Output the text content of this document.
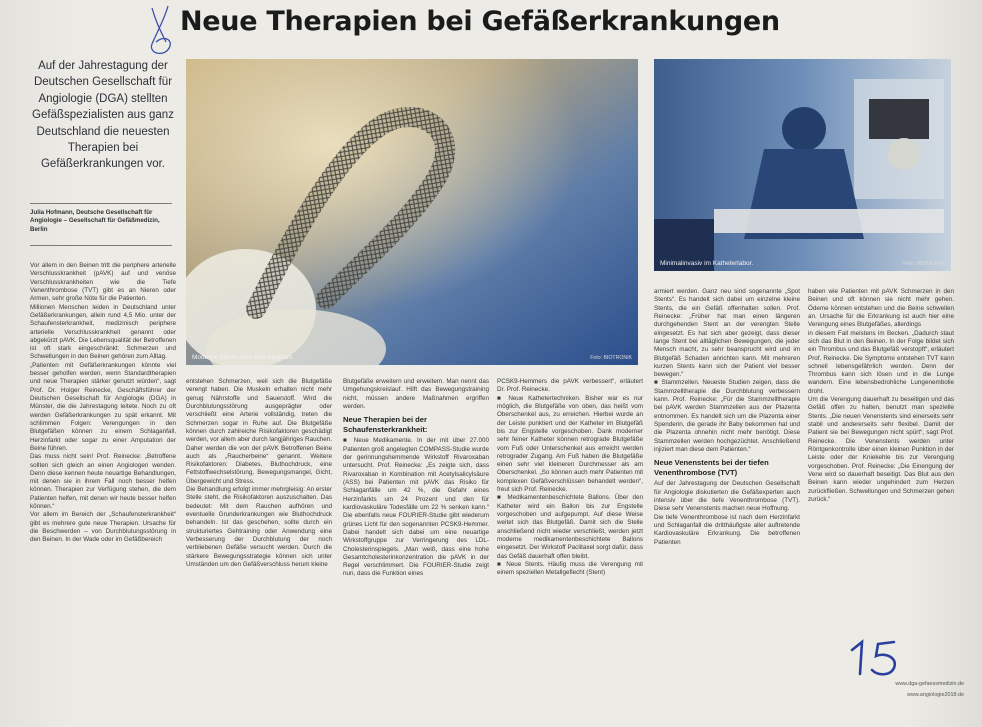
Neue Therapien bei Gefäßerkrankungen

Auf der Jahrestagung der Deutschen Gesellschaft für Angiologie (DGA) stellten Gefäßspezialisten aus ganz Deutschland die neuesten Therapien bei Gefäßerkrankungen vor.

Julia Hofmann, Deutsche Gesellschaft für Angiologie – Gesellschaft für Gefäßmedizin, Berlin
Moderne Stents sind sehr biegsam.	Foto: BIOTRONIK
Minimalinvasiv im Katheterlabor.	Foto: BIOTRONIK

Vor allem in den Beinen tritt die periphere arterielle Verschlusskrankheit (pAVK) auf und venöse Verschlusskrankheiten wie die Tiefe Venenthrombose (TVT) gibt es an Nieren oder Armen, sehr große Nöte für die Patienten.

Millionen Menschen leiden in Deutschland unter Gefäßerkrankungen, allein rund 4,5 Mio. unter der Schaufensterkrankheit, medizinisch periphere arterielle Verschlusskrankheit genannt oder abgekürzt pAVK. Die Lebensqualität der Betroffenen ist oft stark eingeschränkt: Schmerzen und Schwellungen in den Beinen gehören zum Alltag.

„Patienten mit Gefäßerkrankungen könnte viel besser geholfen werden, wenn Standardtherapien und neue Therapien stärker genutzt würden“, sagt Prof. Dr. Holger Reinecke, Geschäftsführer der Deutschen Gesellschaft für Angiologie (DGA) in Münster, die die Jahrestagung leitete. Noch zu oft werden Gefäßerkrankungen zu spät erkannt. Mit schlimmen Folgen: Verengungen in den Blutgefäßen können zu einem Schlaganfall, Herzinfarkt oder sogar zu einer Amputation der Beine führen.

Das muss nicht sein! Prof. Reinecke: „Betroffene sollten sich gleich an einen Angiologen wenden. Denn diese kennen heute neuartige Behandlungen, mit denen sie in ihrem Fall noch besser helfen können. Therapien zur Verfügung stehen, die dem Patienten helfen, mit denen wir heute besser helfen können.“

Vor allem im Bereich der „Schaufensterkrankheit“ gibt es mehrere gute neue Therapien. Ursache für die Beschwerden – von Durchblutungsstörung in den Beinen. In der Wade oder im Gefäßbereich

entstehen Schmerzen, weil sich die Blutgefäße verengt haben. Die Muskeln erhalten nicht mehr genug Nährstoffe und Sauerstoff. Wird die Durchblutungsstörung ausgeprägter oder verschließt eine Arterie vollständig, treten die Schmerzen sogar in Ruhe auf. Die Blutgefäße können durch zahlreiche Risikofaktoren geschädigt werden, vor allem aber durch langjähriges Rauchen. Daher werden die von der pAVK Betroffenen Beine auch als „Raucherbeine“ genannt. Weitere Risikofaktoren: Diabetes, Bluthochdruck, eine Fettstoffwechselstörung, Bewegungsmangel, Gicht, Übergewicht und Stress.

Die Behandlung erfolgt immer mehrgleisig: An erster Stelle steht, die Risikofaktoren auszuschalten. Das bedeutet: Mit dem Rauchen aufhören und eventuelle Grunderkrankungen wie Bluthochdruck behandeln. Ist das geschehen, sollte durch ein strukturiertes Gehtraining oder Anwendung eine Verbesserung der Durchblutung der noch verbliebenen Gefäße versucht werden. Durch die stärkere Bewegungsstrategie können sich unter Umständen um den Gefäßverschluss herum kleine

Blutgefäße erweitern und erweitern. Man nennt das Umgehungskreislauf. Hilft das Bewegungstraining nicht, müssen andere Maßnahmen ergriffen werden.

Neue Therapien bei der Schaufensterkrankheit:

■ Neue Medikamente. In der mit über 27.000 Patienten groß angelegten COMPASS-Studie wurde der gerinnungshemmende Wirkstoff Rivaroxaban untersucht. Prof. Reinecke: „Es zeigte sich, dass Rivaroxaban in Kombination mit Acetylsalicylsäure (ASS) bei Patienten mit pAVK das Risiko für Schlaganfälle um 42 %, die Gefahr eines Herzinfarkts um 24 Prozent und den für kardiovaskuläre Todesfälle um 22 % senken kann.“ Die ebenfalls neue FOURIER-Studie gibt wiederum grünes Licht für den sogenannten PCSK9-Hemmer. Dabei handelt sich dabei um eine neuartige Wirkstoffgruppe zur Verringerung des LDL-Cholesterinspiegels. „Man weiß, dass eine hohe Gesamtcholesterinkonzentration die pAVK in der Regel verschlimmert. Die FOURIER-Studie zeigt nun, dass die Funktion eines

PCSK9-Hemmers die pAVK verbessert“, erläutert Dr. Prof. Reinecke.

■ Neue Kathetertechniken. Bisher war es nur möglich, die Blutgefäße von oben, das heißt vom Oberschenkel aus, zu erreichen. Hierbei wurde an der Leiste punktiert und der Katheter im Blutgefäß bis zur Engstelle vorgeschoben. Dank moderner sehr feiner Katheter können retrograde Blutgefäße vom Fuß oder Unterschenkel aus erreicht werden retrograder Zugang. Am Fuß haben die Blutgefäße einen sehr viel kleineren Durchmesser als am Oberschenkel. „So können auch mehr Patienten mit komplexen Gefäßverschlüssen behandelt werden“, freut sich Prof. Reinecke.

■ Medikamentenbeschichtete Ballons. Über den Katheter wird ein Ballon bis zur Engstelle vorgeschoben und aufgepumpt. Auf diese Weise weitet sich das Blutgefäß. Damit sich die Stelle anschließend nicht wieder verschließt, werden jetzt moderne medikamentenbeschichtete Ballons eingesetzt. Der Wirkstoff Paclitaxel sorgt dafür, dass das Gefäß dauerhaft offen bleibt.

■ Neue Stents. Häufig muss die Verengung mit einem speziellen Metallgeflecht (Stent)

armiert werden. Ganz neu sind sogenannte „Spot Stents“. Es handelt sich dabei um einzelne kleine Stents, die ein Gefäß offenhalten sollen. Prof. Reinecke: „Früher hat man einen längeren durchgehenden Stent an der verengten Stelle eingesetzt. Es hat sich aber gezeigt, dass dieser lange Stent bei alltäglichen Bewegungen, die jeder Mensch macht, zu sehr beansprucht wird und im Blutgefäß Schaden anrichten kann. Mit mehreren kurzen Stents kann sich der Patient viel besser bewegen.“

■ Stammzellen. Neueste Studien zeigen, dass die Stammzelltherapie die Durchblutung verbessern kann. Prof. Reinecke: „Für die Stammzelltherapie bei pAVK werden Stammzellen aus der Plazenta entnommen. Es handelt sich um die Plazenta einer Spenderin, die gerade ihr Baby bekommen hat und die Plazenta ohnehin nicht mehr benötigt. Diese Stammzellen werden hochgezüchtet. Anschließend injiziert man diese dem Patienten.“

Neue Venenstents bei der tiefen Venenthrombose (TVT)

Auf der Jahrestagung der Deutschen Gesellschaft für Angiologie diskutierten die Gefäßexperten auch intensiv über die tiefe Venenthrombose (TVT). Diese sehr Venenstents machen neue Hoffnung.

Die tiefe Venenthrombose ist nach dem Herzinfarkt und Schlaganfall die dritthäufigste aller auftretende Kardiovaskuläre Erkrankung. Die betroffenen Patienten

haben wie Patienten mit pAVK Schmerzen in den Beinen und oft können sie nicht mehr gehen. Ödeme können entstehen und die Beine schwellen an. Ursache für die Erkrankung ist auch hier eine Verengung eines Blutgefäßes, allerdings

in diesem Fall meistens im Becken. „Dadurch staut sich das Blut in den Beinen. In der Folge bildet sich ein Thrombus und das Blutgefäß verstopft“, erläutert Prof. Reinecke. Die Symptome entstehen TVT kann schnell lebensgefährlich werden. Denn der Thrombus kann sich lösen und in die Lunge wandern. Eine lebensbedrohliche Lungenembolie droht.

Um die Verengung dauerhaft zu beseitigen und das Gefäß offen zu halten, benutzt man spezielle Stents. „Die neuen Venenstents sind einerseits sehr stabil und andererseits sehr flexibel. Damit der Patient sie bei Bewegungen nicht spürt“, sagt Prof. Reinecke. Die Venenstents werden unter Röntgenkontrolle über einen kleinen Punktion in der Leiste oder der Kniekehle bis zur Verengung vorgeschoben. Prof. Reinecke: „Die Einengung der Vene wird so dauerhaft beseitigt. Das Blut aus den Beinen kann wieder ungehindert zum Herzen zurückfließen. Schwellungen und Schmerzen gehen zurück.“

15
www.dga-gefaessmedizin.de
www.angiologie2018.de
